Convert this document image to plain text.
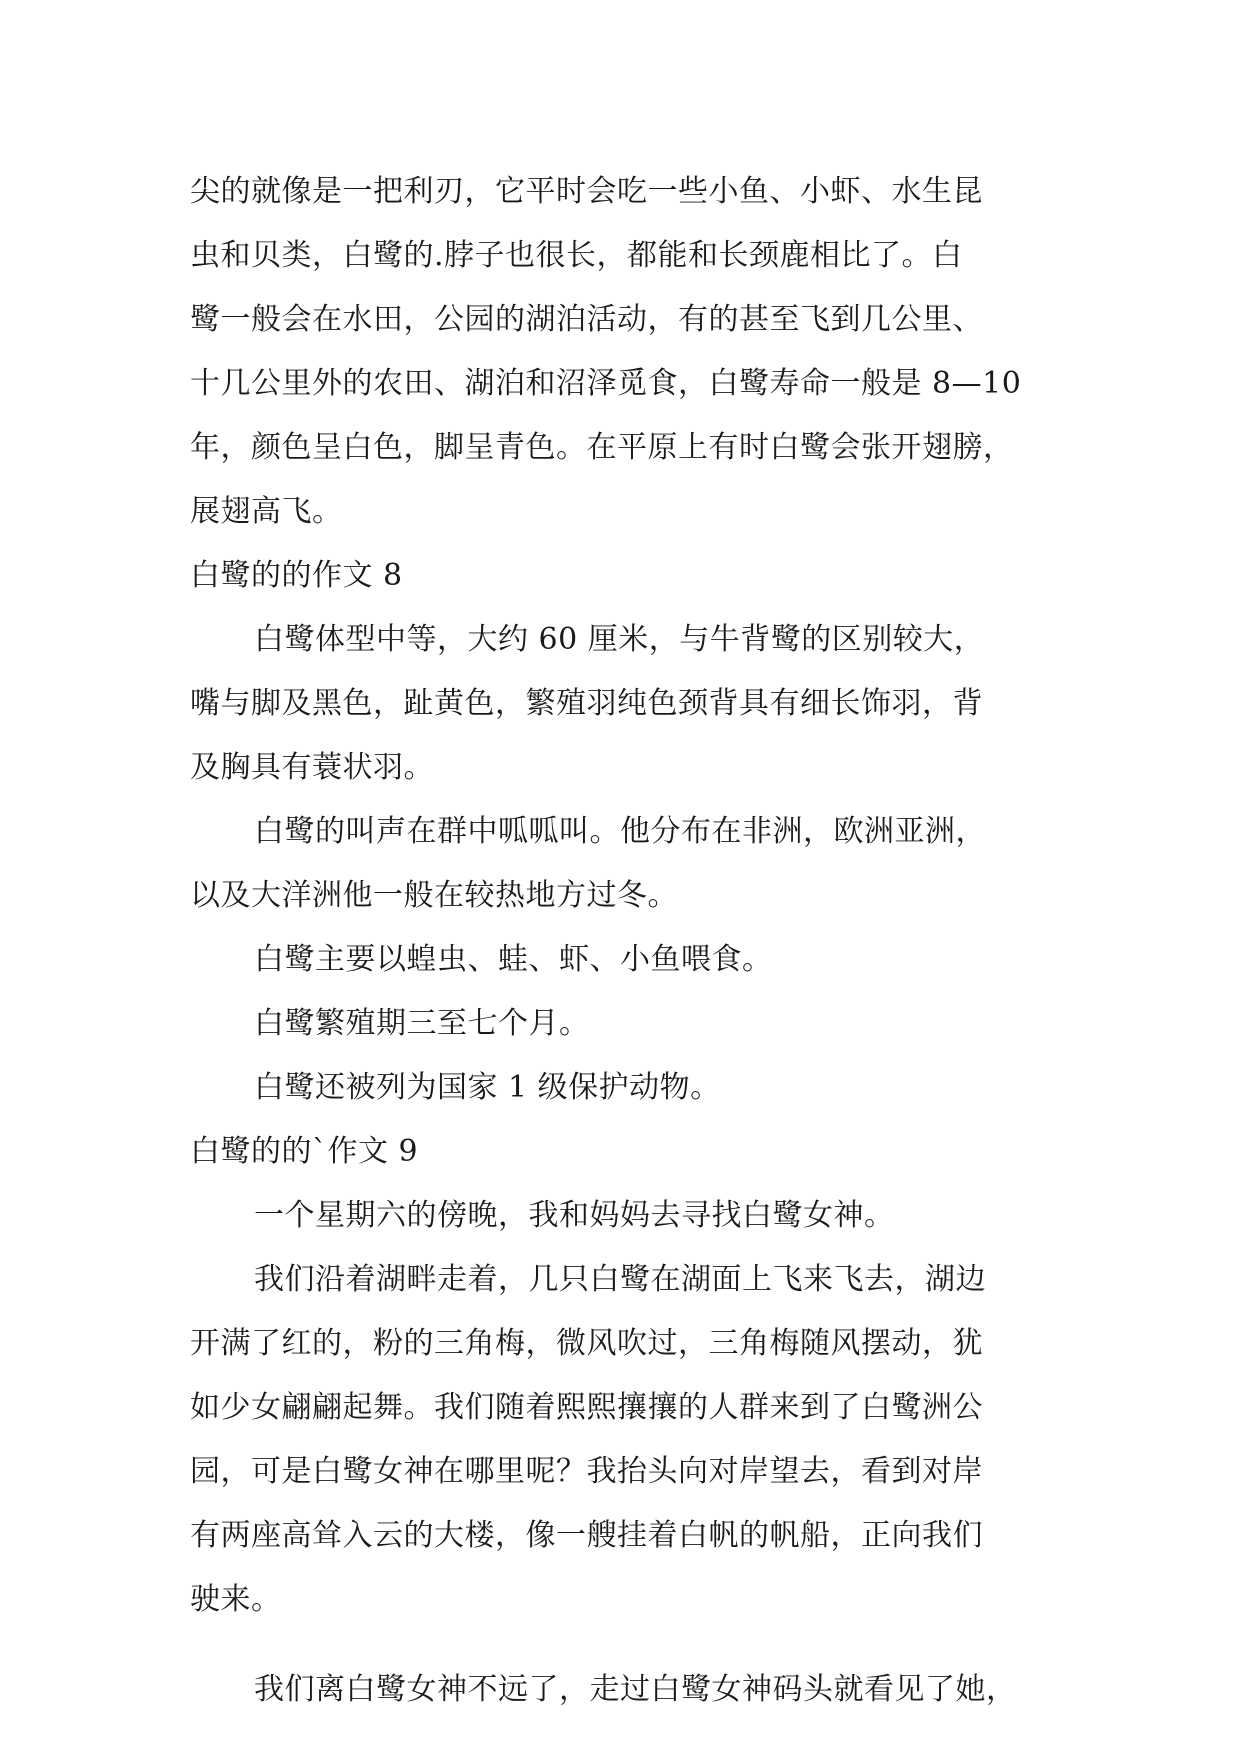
尖的就像是一把利刃，它平时会吃一些小鱼、小虾、水生昆
虫和贝类，白鹭的.脖子也很长，都能和长颈鹿相比了。白
鹭一般会在水田，公园的湖泊活动，有的甚至飞到几公里、
十几公里外的农田、湖泊和沼泽觅食，白鹭寿命一般是 8—10
年，颜色呈白色，脚呈青色。在平原上有时白鹭会张开翅膀，
展翅高飞。
白鹭的的作文 8
白鹭体型中等，大约 60 厘米，与牛背鹭的区别较大，
嘴与脚及黑色，趾黄色，繁殖羽纯色颈背具有细长饰羽，背
及胸具有蓑状羽。
白鹭的叫声在群中呱呱叫。他分布在非洲，欧洲亚洲，
以及大洋洲他一般在较热地方过冬。
白鹭主要以蝗虫、蛙、虾、小鱼喂食。
白鹭繁殖期三至七个月。
白鹭还被列为国家 1 级保护动物。
白鹭的的`作文 9
一个星期六的傍晚，我和妈妈去寻找白鹭女神。
我们沿着湖畔走着，几只白鹭在湖面上飞来飞去，湖边
开满了红的，粉的三角梅，微风吹过，三角梅随风摆动，犹
如少女翩翩起舞。我们随着熙熙攘攘的人群来到了白鹭洲公
园，可是白鹭女神在哪里呢？我抬头向对岸望去，看到对岸
有两座高耸入云的大楼，像一艘挂着白帆的帆船，正向我们
驶来。
我们离白鹭女神不远了，走过白鹭女神码头就看见了她，
